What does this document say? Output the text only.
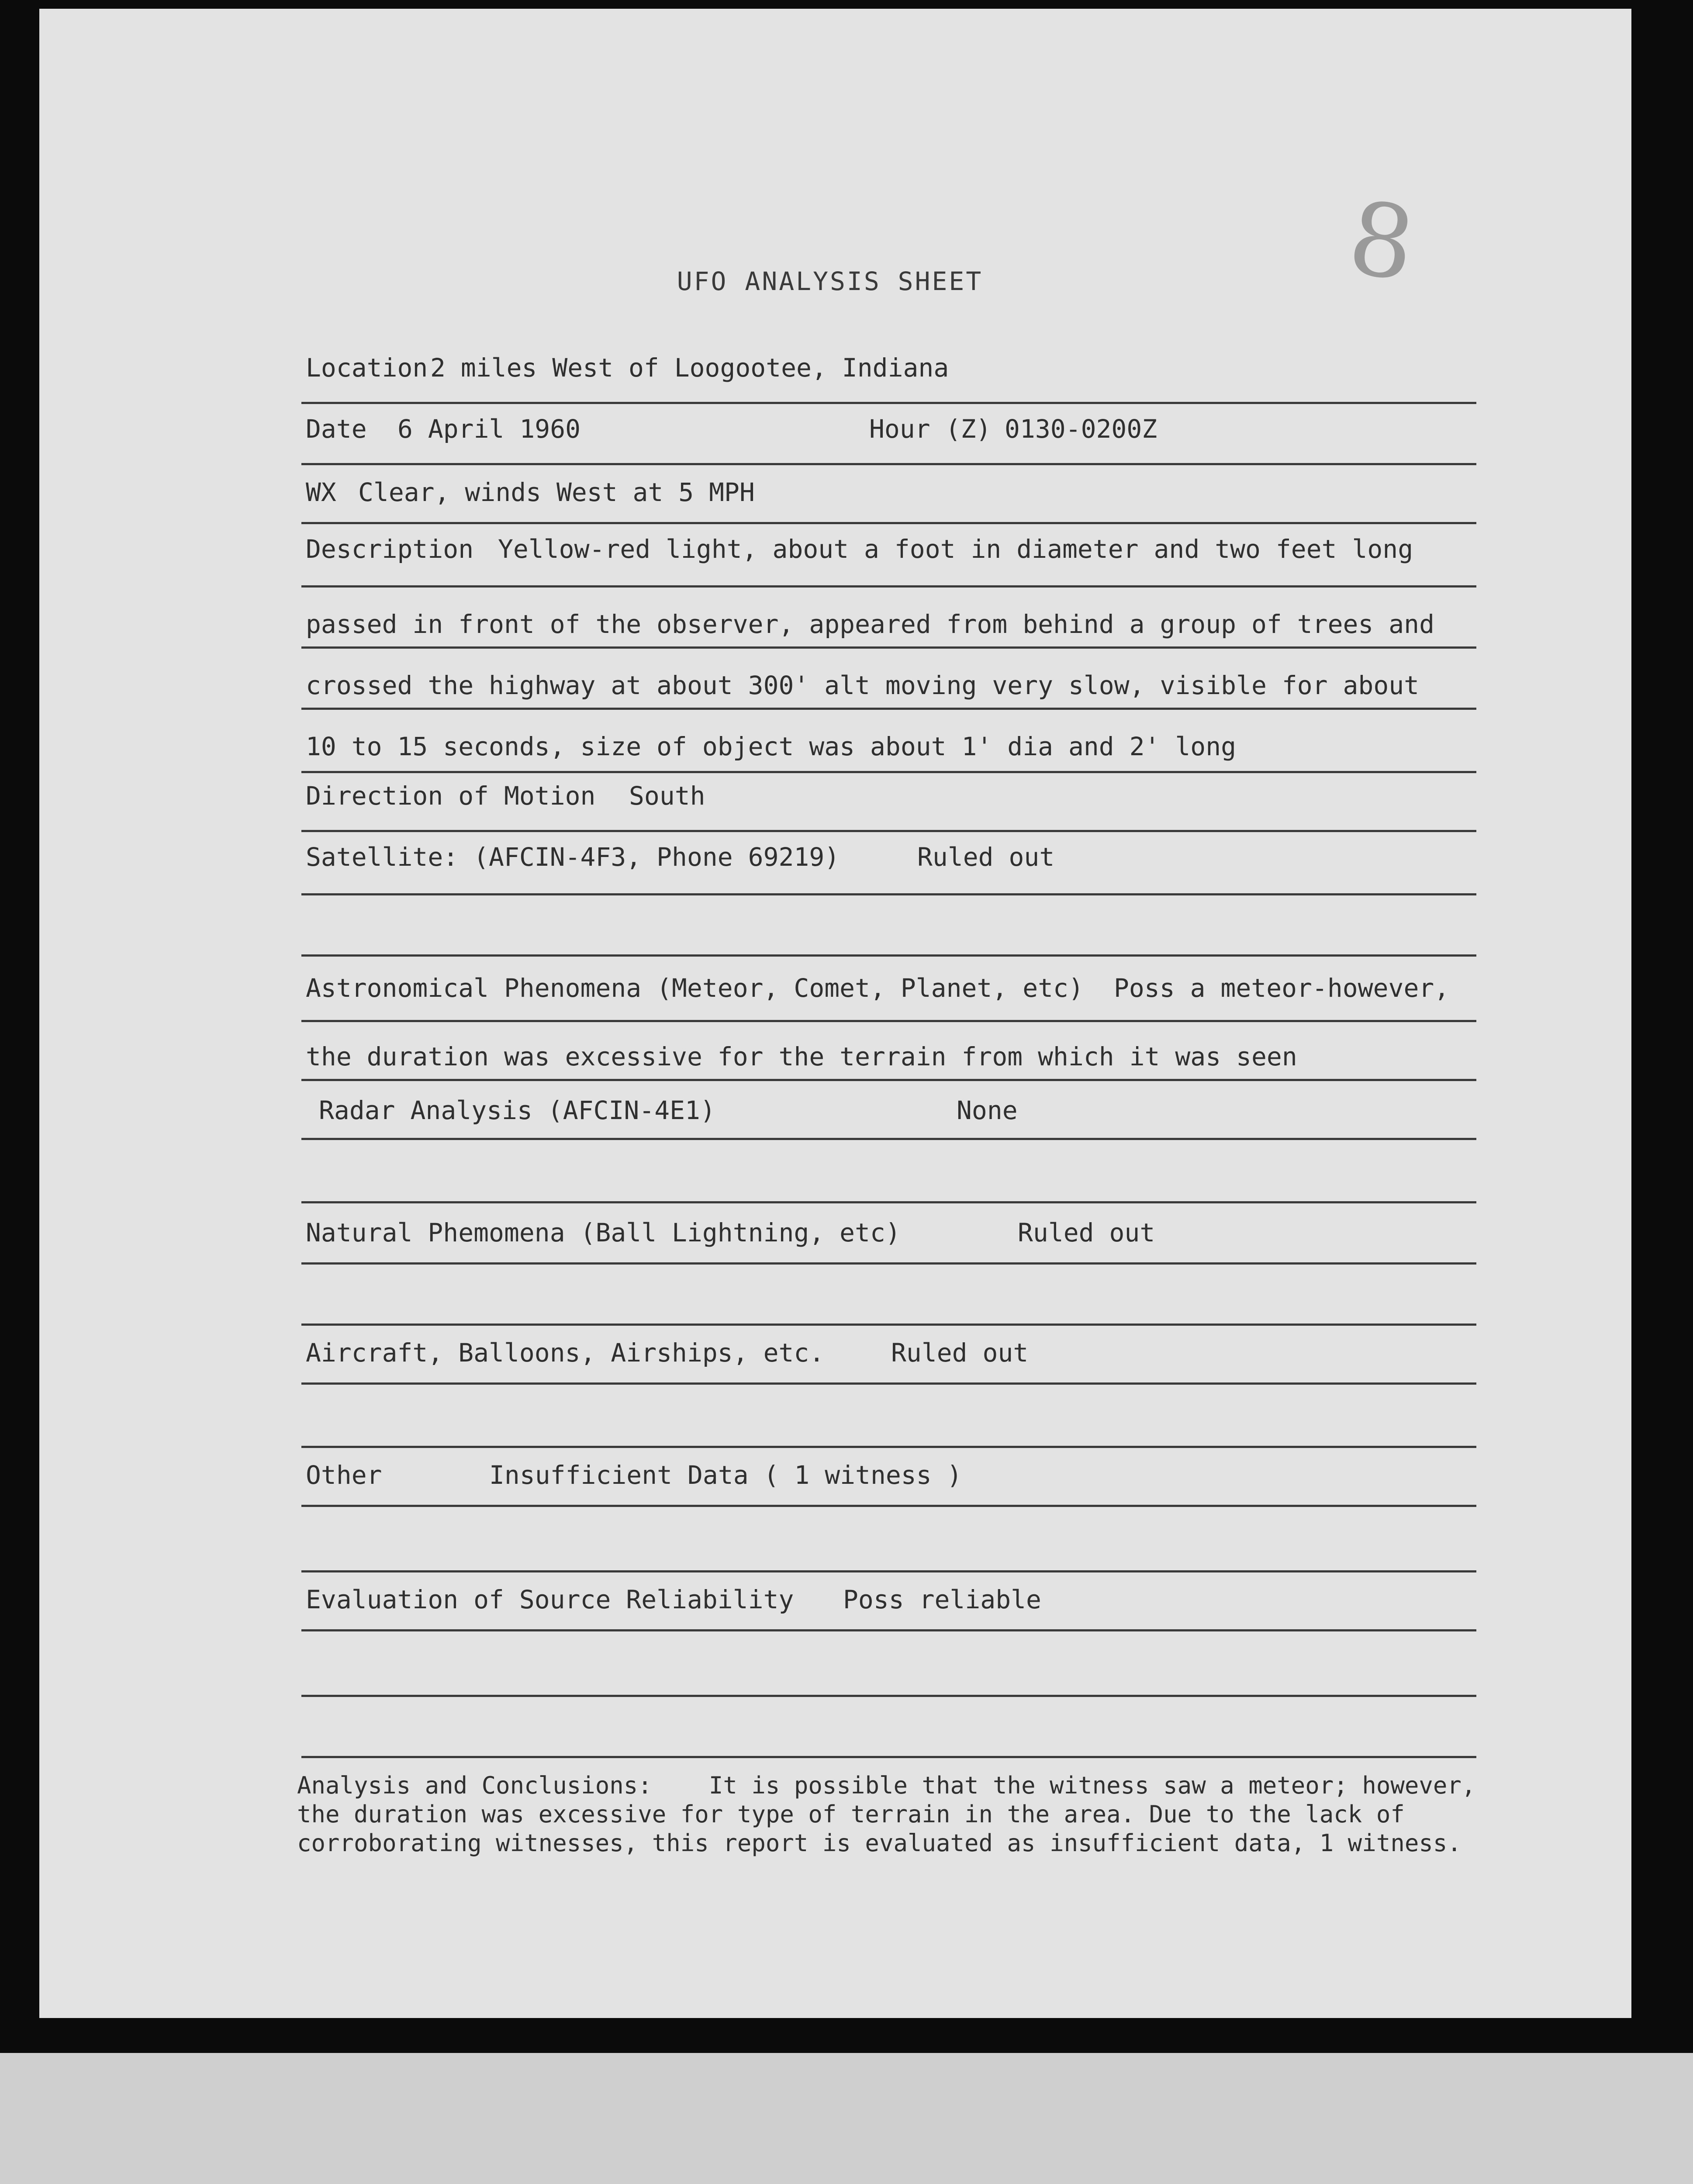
8
UFO ANALYSIS SHEET
Location 2 miles West of Loogootee, Indiana
Date 6 April 1960	Hour (Z) 0130-0200Z
WX Clear, winds West at 5 MPH
Description Yellow-red light, about a foot in diameter and two feet long
passed in front of the observer, appeared from behind a group of trees and
crossed the highway at about 300' alt moving very slow, visible for about
10 to 15 seconds, size of object was about 1' dia and 2' long
Direction of Motion South
Satellite: (AFCIN-4F3, Phone 69219)	Ruled out
Astronomical Phenomena (Meteor, Comet, Planet, etc) Poss a meteor-however,
the duration was excessive for the terrain from which it was seen
Radar Analysis (AFCIN-4E1)	None
Natural Phemomena (Ball Lightning, etc)	Ruled out
Aircraft, Balloons, Airships, etc.	Ruled out
Other	Insufficient Data ( 1 witness )
Evaluation of Source Reliability Poss reliable
Analysis and Conclusions: It is possible that the witness saw a meteor; however, the duration was excessive for type of terrain in the area. Due to the lack of corroborating witnesses, this report is evaluated as insufficient data, 1 witness.
